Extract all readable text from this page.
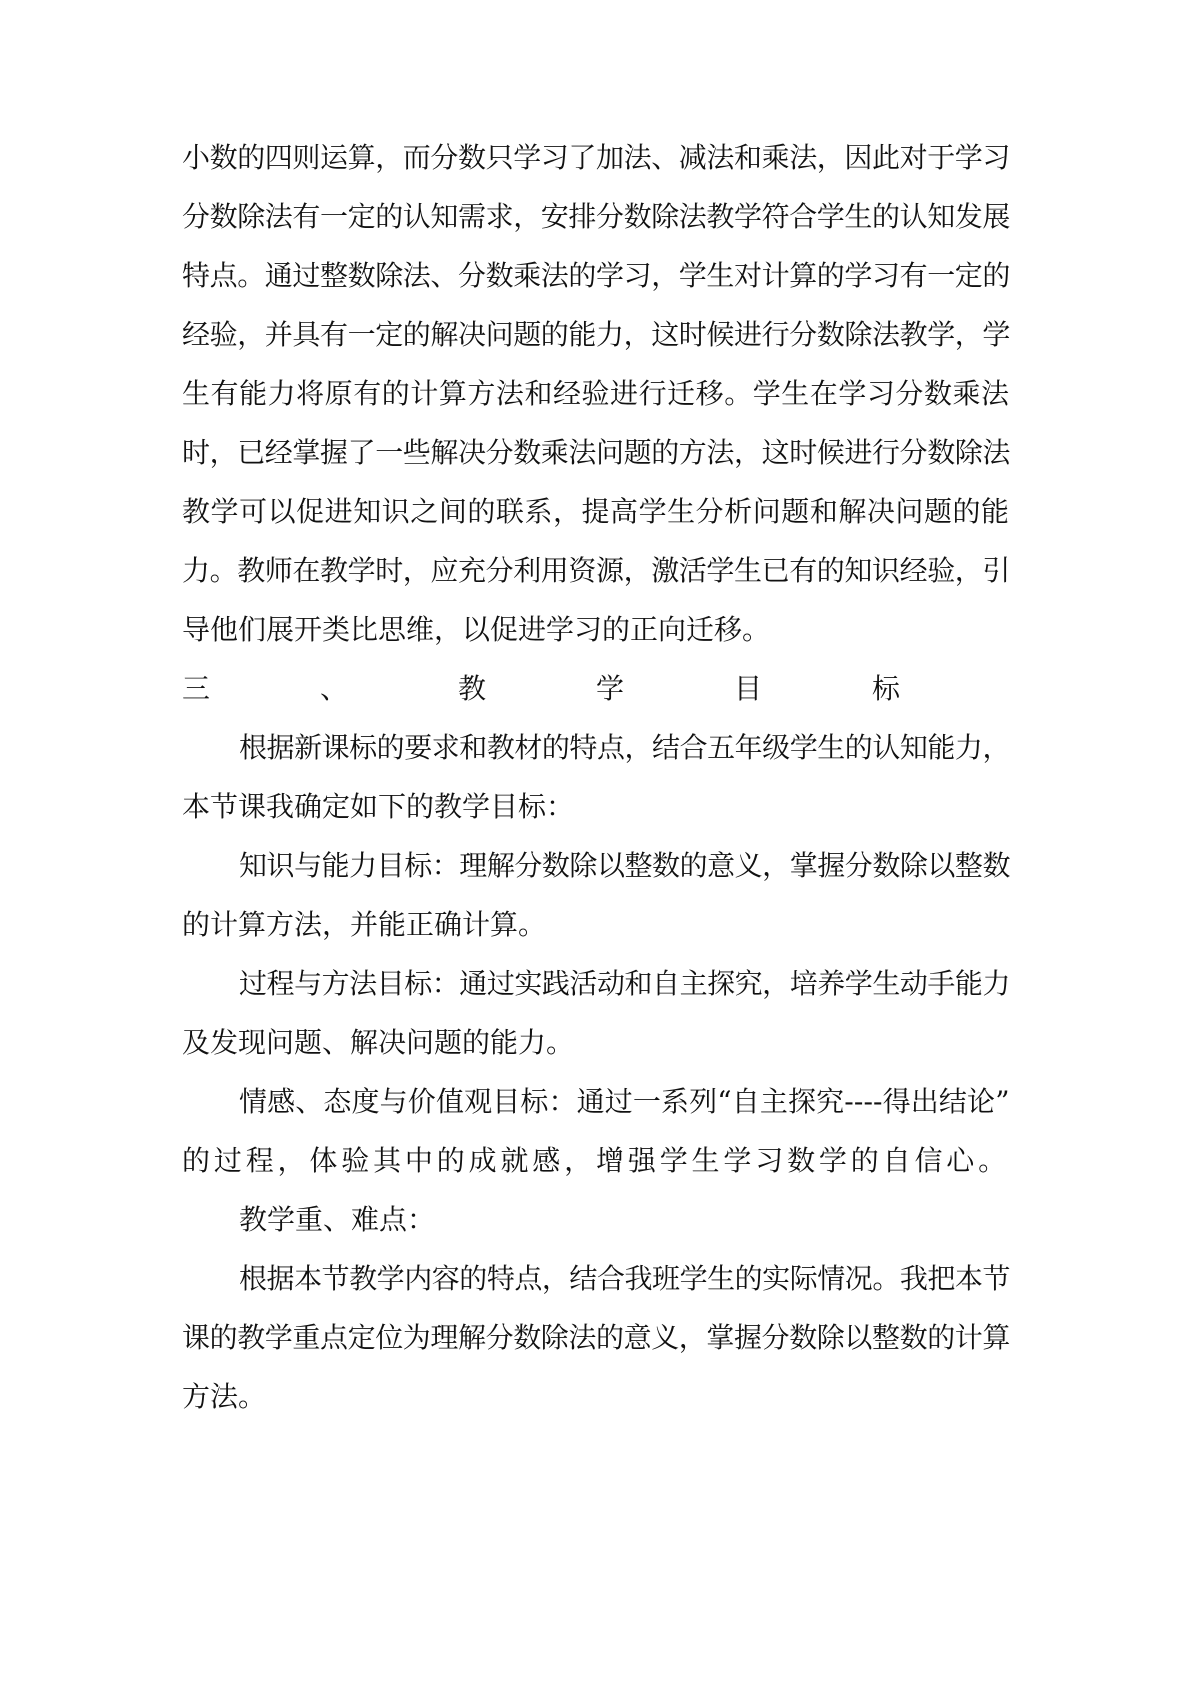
小数的四则运算，而分数只学习了加法、减法和乘法，因此对于学习

分数除法有一定的认知需求，安排分数除法教学符合学生的认知发展

特点。通过整数除法、分数乘法的学习，学生对计算的学习有一定的

经验，并具有一定的解决问题的能力，这时候进行分数除法教学，学

生有能力将原有的计算方法和经验进行迁移。学生在学习分数乘法

时，已经掌握了一些解决分数乘法问题的方法，这时候进行分数除法

教学可以促进知识之间的联系，提高学生分析问题和解决问题的能

力。教师在教学时，应充分利用资源，激活学生已有的知识经验，引

导他们展开类比思维，以促进学习的正向迁移。

三、教学目标

根据新课标的要求和教材的特点，结合五年级学生的认知能力，

本节课我确定如下的教学目标：

知识与能力目标：理解分数除以整数的意义，掌握分数除以整数

的计算方法，并能正确计算。

过程与方法目标：通过实践活动和自主探究，培养学生动手能力

及发现问题、解决问题的能力。

情感、态度与价值观目标：通过一系列“自主探究----得出结论”

的过程，体验其中的成就感，增强学生学习数学的自信心。

教学重、难点：

根据本节教学内容的特点，结合我班学生的实际情况。我把本节

课的教学重点定位为理解分数除法的意义，掌握分数除以整数的计算

方法。
